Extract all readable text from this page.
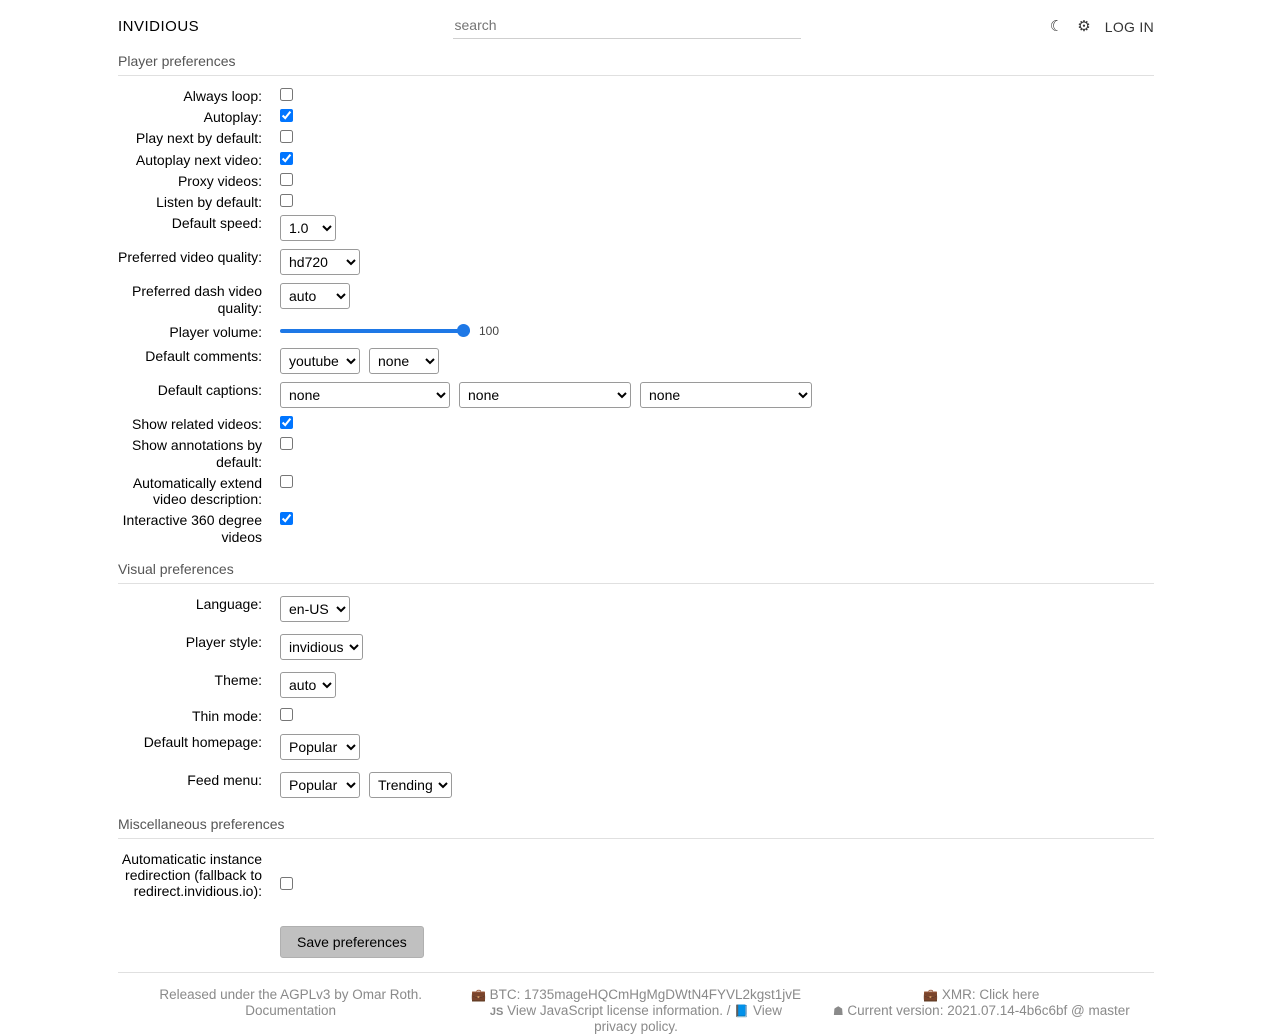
INVIDIOUS
search	☾ ⚙ LOG IN
Player preferences
Always loop:
Autoplay:
Play next by default:
Autoplay next video:
Proxy videos:
Listen by default:
Default speed:
1.0
Preferred video quality:
hd720
Preferred dash video quality:
auto
Player volume:	100
Default comments:
youtube
none
Default captions:
none
none
none
Show related videos:
Show annotations by default:
Automatically extend video description:
Interactive 360 degree videos
Visual preferences
Language:
en-US
Player style:
invidious
Theme:
auto
Thin mode:
Default homepage:
Popular
Feed menu:
Popular
Trending
Miscellaneous preferences
Automaticatic instance redirection (fallback to redirect.invidious.io):
Save preferences
Released under the AGPLv3 by Omar Roth.
Documentation
💼 BTC: 1735mageHQCmHgMgDWtN4FYVL2kgst1jvE
JS View JavaScript license information. / 📘 View privacy policy.
💼 XMR: Click here
☗ Current version: 2021.07.14-4b6c6bf @ master
